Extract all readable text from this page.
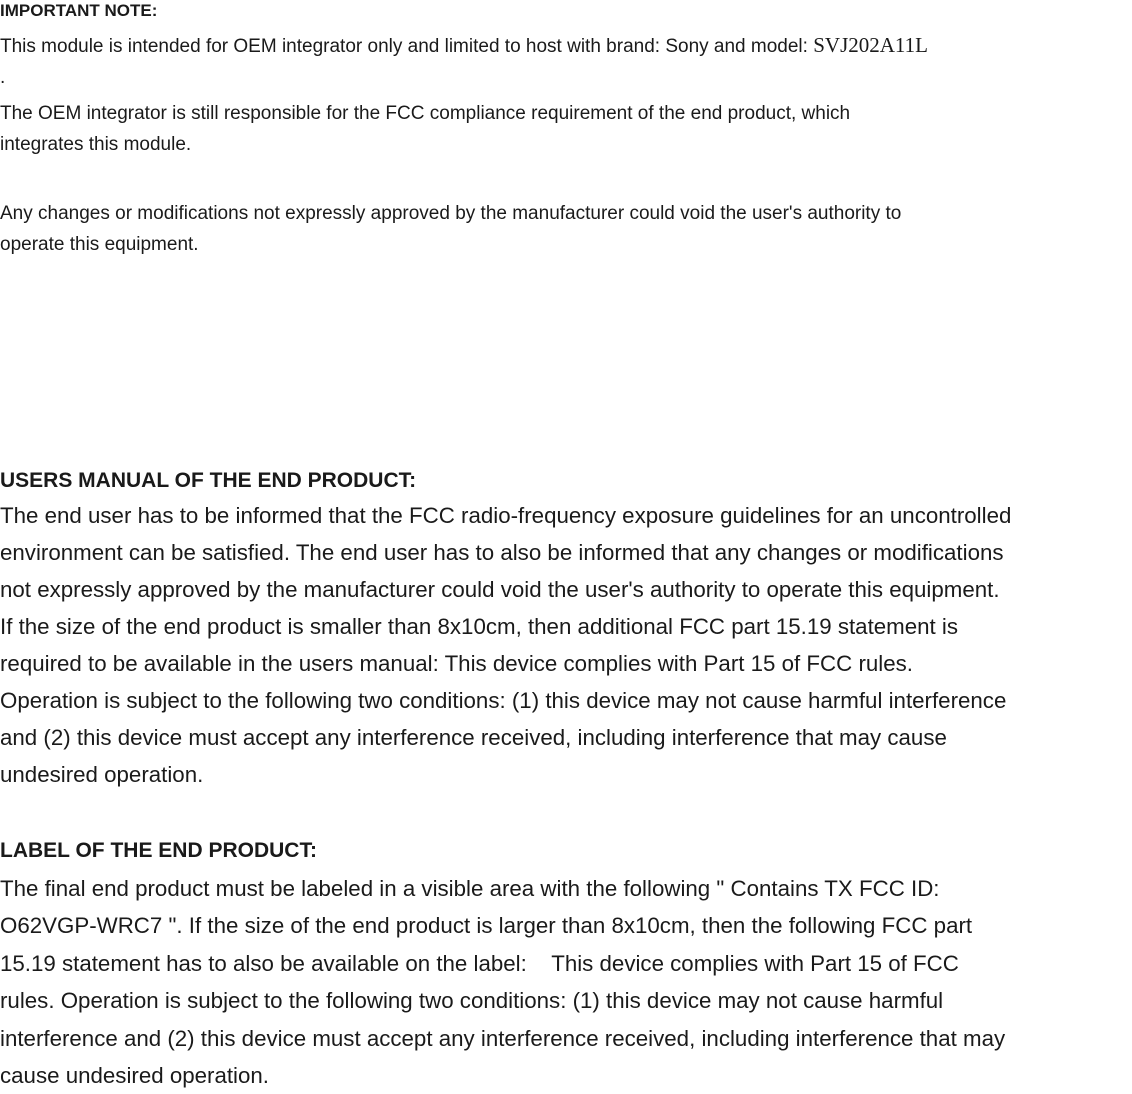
IMPORTANT NOTE:
This module is intended for OEM integrator only and limited to host with brand: Sony and model: SVJ202A11L
.
The OEM integrator is still responsible for the FCC compliance requirement of the end product, which
integrates this module.
Any changes or modifications not expressly approved by the manufacturer could void the user's authority to
operate this equipment.
USERS MANUAL OF THE END PRODUCT:
The end user has to be informed that the FCC radio-frequency exposure guidelines for an uncontrolled
environment can be satisfied. The end user has to also be informed that any changes or modifications
not expressly approved by the manufacturer could void the user's authority to operate this equipment.
If the size of the end product is smaller than 8x10cm, then additional FCC part 15.19 statement is
required to be available in the users manual: This device complies with Part 15 of FCC rules.
Operation is subject to the following two conditions: (1) this device may not cause harmful interference
and (2) this device must accept any interference received, including interference that may cause
undesired operation.
LABEL OF THE END PRODUCT:
The final end product must be labeled in a visible area with the following " Contains TX FCC ID:
O62VGP-WRC7 ". If the size of the end product is larger than 8x10cm, then the following FCC part
15.19 statement has to also be available on the label:    This device complies with Part 15 of FCC
rules. Operation is subject to the following two conditions: (1) this device may not cause harmful
interference and (2) this device must accept any interference received, including interference that may
cause undesired operation.
